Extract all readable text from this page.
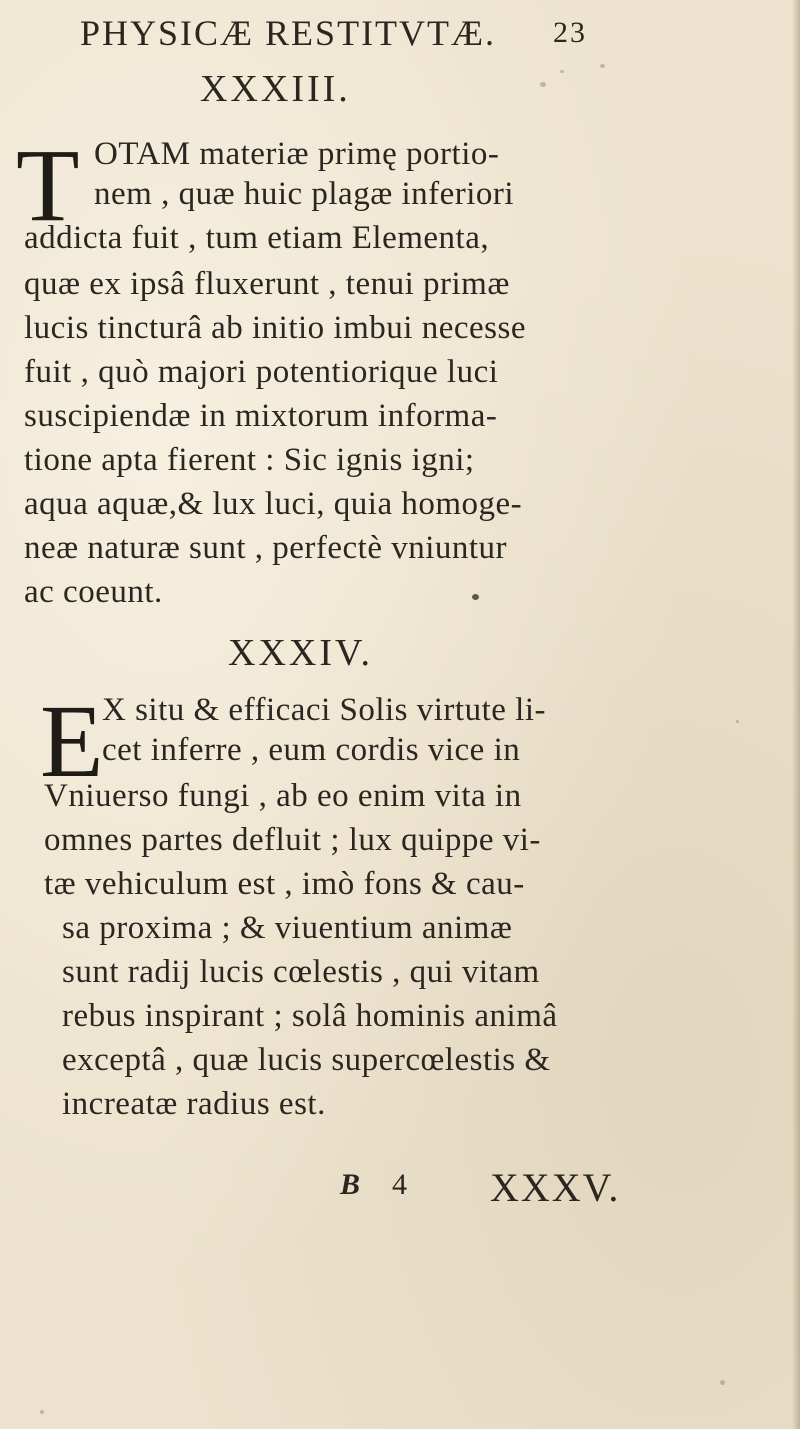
PHYSICÆ RESTITVTÆ. 23
XXXIII.
T OTAM materiæ primę portio-
nem , quæ huic plagæ inferiori
addicta fuit , tum etiam Elementa,
quæ ex ipsâ fluxerunt , tenui primæ
lucis tincturâ ab initio imbui necesse
fuit , quò majori potentiorique luci
suscipiendæ in mixtorum informa-
tione apta fierent : Sic ignis igni;
aqua aquæ,& lux luci, quia homoge-
neæ naturæ sunt , perfectè vniuntur
ac coeunt.
XXXIV.
E
X situ & efficaci Solis virtute li-
cet inferre , eum cordis vice in
Vniuerso fungi , ab eo enim vita in
omnes partes defluit ; lux quippe vi-
tæ vehiculum est , imò fons & cau-
sa proxima ; & viuentium animæ
sunt radij lucis cœlestis , qui vitam
rebus inspirant ; solâ hominis animâ
exceptâ , quæ lucis supercœlestis &
increatæ radius est.
B 4 XXXV.
